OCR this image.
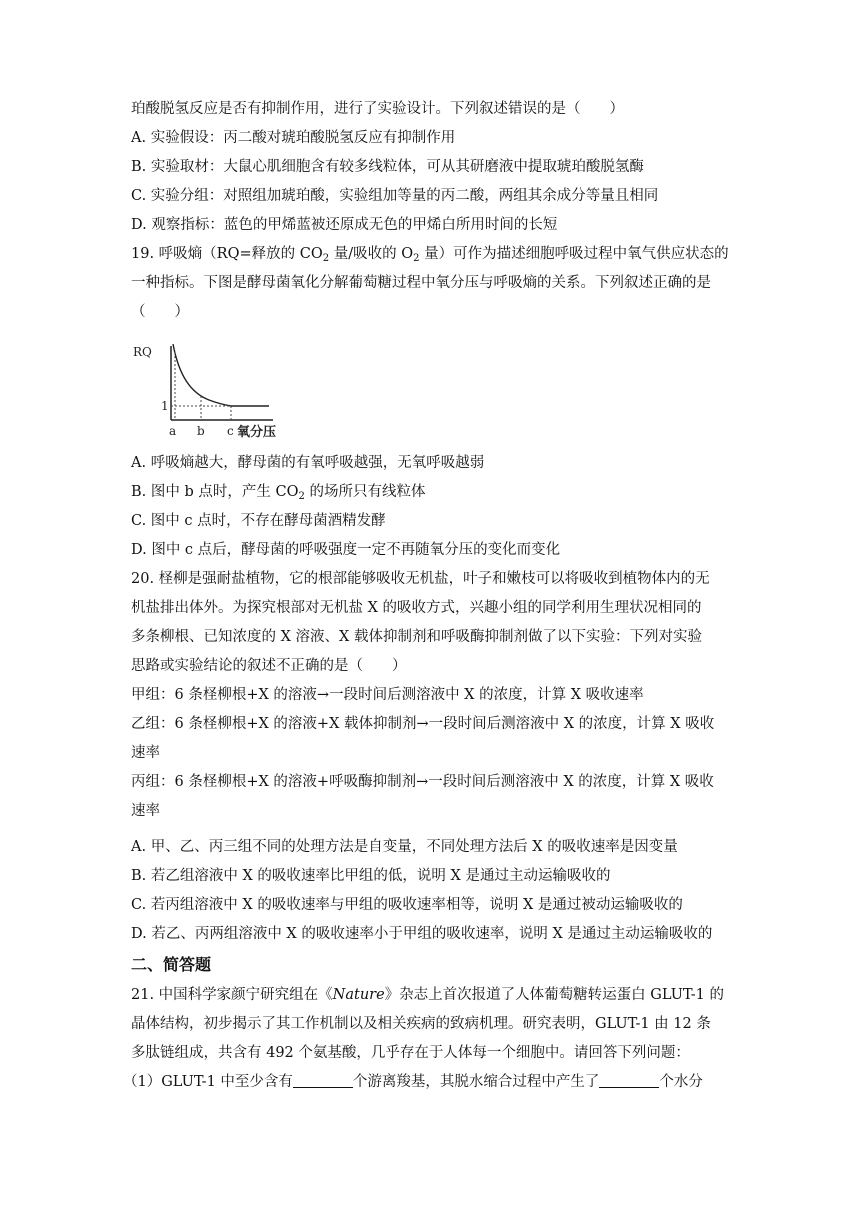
珀酸脱氢反应是否有抑制作用，进行了实验设计。下列叙述错误的是（　　）
A. 实验假设：丙二酸对琥珀酸脱氢反应有抑制作用
B. 实验取材：大鼠心肌细胞含有较多线粒体，可从其研磨液中提取琥珀酸脱氢酶
C. 实验分组：对照组加琥珀酸，实验组加等量的丙二酸，两组其余成分等量且相同
D. 观察指标：蓝色的甲烯蓝被还原成无色的甲烯白所用时间的长短
19. 呼吸熵（RQ=释放的 $CO_2$ 量/吸收的 $O_2$ 量）可作为描述细胞呼吸过程中氧气供应状态的
一种指标。下图是酵母菌氧化分解葡萄糖过程中氧分压与呼吸熵的关系。下列叙述正确的是
（　　）
RQ
1
a b c 氧分压
A. 呼吸熵越大，酵母菌的有氧呼吸越强，无氧呼吸越弱
B. 图中 b 点时，产生 $CO_2$ 的场所只有线粒体
C. 图中 c 点时，不存在酵母菌酒精发酵
D. 图中 c 点后，酵母菌的呼吸强度一定不再随氧分压的变化而变化
20. 柽柳是强耐盐植物，它的根部能够吸收无机盐，叶子和嫩枝可以将吸收到植物体内的无
机盐排出体外。为探究根部对无机盐 X 的吸收方式，兴趣小组的同学利用生理状况相同的
多条柳根、已知浓度的 X 溶液、X 载体抑制剂和呼吸酶抑制剂做了以下实验：下列对实验
思路或实验结论的叙述不正确的是（　　）
甲组：6 条柽柳根+X 的溶液→一段时间后测溶液中 X 的浓度，计算 X 吸收速率
乙组：6 条柽柳根+X 的溶液+X 载体抑制剂→一段时间后测溶液中 X 的浓度，计算 X 吸收
速率
丙组：6 条柽柳根+X 的溶液+呼吸酶抑制剂→一段时间后测溶液中 X 的浓度，计算 X 吸收
速率
A. 甲、乙、丙三组不同的处理方法是自变量，不同处理方法后 X 的吸收速率是因变量
B. 若乙组溶液中 X 的吸收速率比甲组的低，说明 X 是通过主动运输吸收的
C. 若丙组溶液中 X 的吸收速率与甲组的吸收速率相等，说明 X 是通过被动运输吸收的
D. 若乙、丙两组溶液中 X 的吸收速率小于甲组的吸收速率，说明 X 是通过主动运输吸收的
二、简答题
21. 中国科学家颜宁研究组在《Nature》杂志上首次报道了人体葡萄糖转运蛋白 GLUT-1 的
晶体结构，初步揭示了其工作机制以及相关疾病的致病机理。研究表明，GLUT-1 由 12 条
多肽链组成，共含有 492 个氨基酸，几乎存在于人体每一个细胞中。请回答下列问题：
（1）GLUT-1 中至少含有	个游离羧基，其脱水缩合过程中产生了	个水分
